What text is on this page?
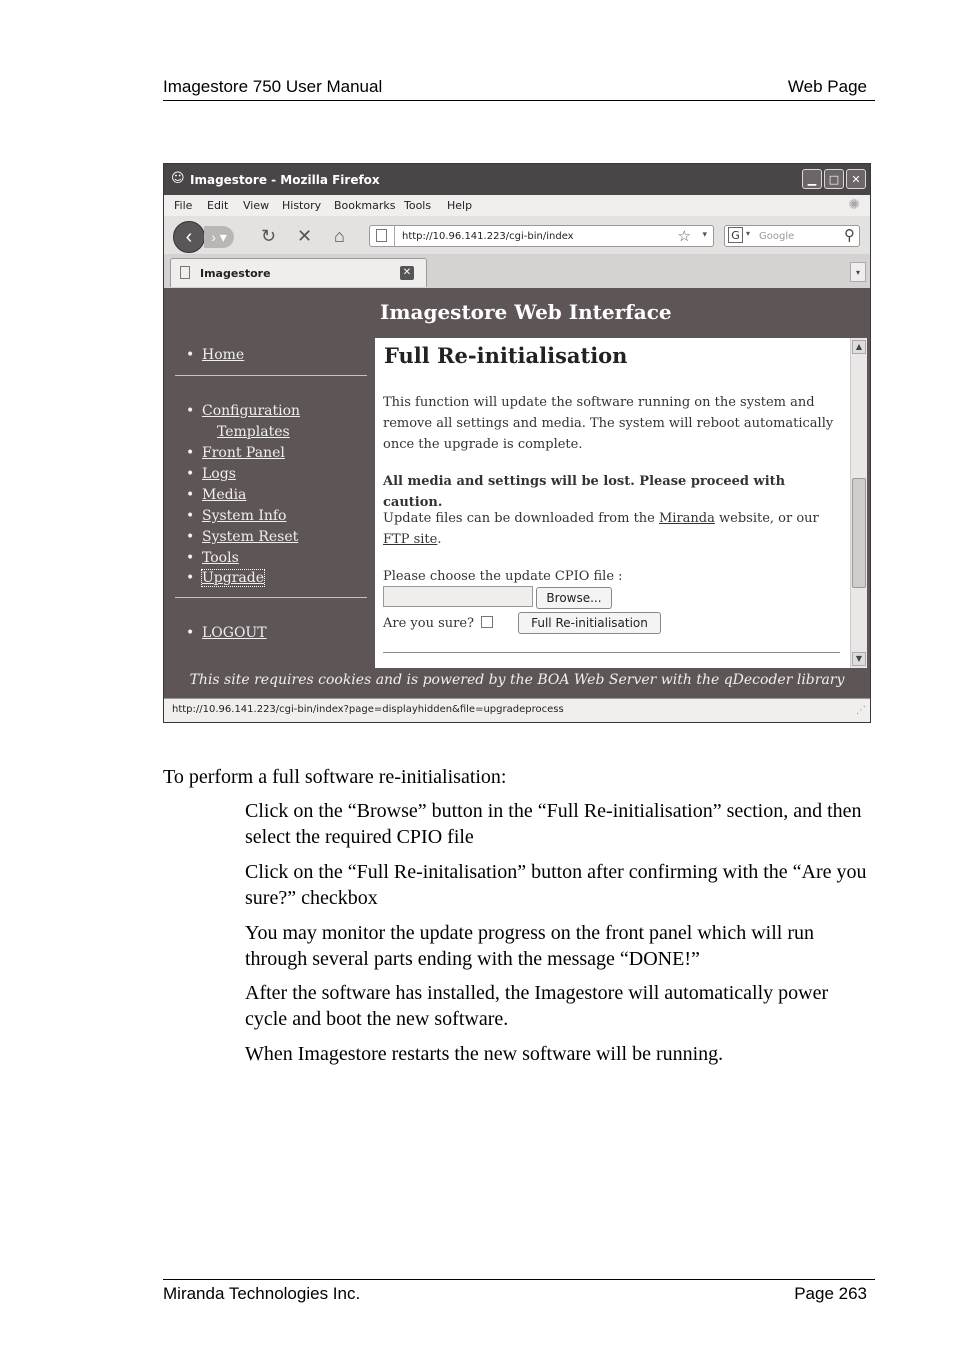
Imagestore 750 User Manual	Web Page
☺ Imagestore - Mozilla Firefox	▁	□	✕
File Edit View History Bookmarks Tools Help	✺
‹	› ▾	↻ ✕ ⌂	http://10.96.141.223/cgi-bin/index	☆ ▾ G ▾ Google	⚲
Imagestore	✕	▾
Imagestore Web Interface
• Home
• Configuration
Templates
• Front Panel
• Logs
• Media
• System Info
• System Reset
• Tools
• Upgrade
• LOGOUT
Full Re-initialisation
This function will update the software running on the system and remove all settings and media. The system will reboot automatically once the upgrade is complete.
All media and settings will be lost. Please proceed with caution.
Update files can be downloaded from the Miranda website, or our FTP site.
Please choose the update CPIO file :
Browse...
Are you sure?	Full Re-initialisation
▲
▼
This site requires cookies and is powered by the BOA Web Server with the qDecoder library
http://10.96.141.223/cgi-bin/index?page=displayhidden&file=upgradeprocess	⋰
To perform a full software re-initialisation:
Click on the “Browse” button in the “Full Re-initialisation” section, and then select the required CPIO file
Click on the “Full Re-initalisation” button after confirming with the “Are you sure?” checkbox
You may monitor the update progress on the front panel which will run through several parts ending with the message “DONE!”
After the software has installed, the Imagestore will automatically power cycle and boot the new software.
When Imagestore restarts the new software will be running.
Miranda Technologies Inc.	Page 263
